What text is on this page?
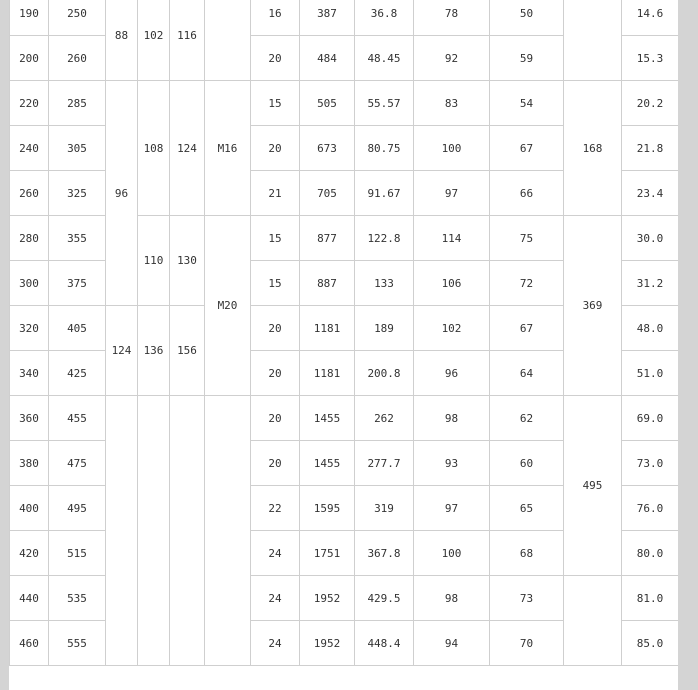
190	250	88	102	116		16	387	36.8	78	50		14.6
200	260					20	484	48.45	92	59		15.3
220	285	96	108	124	M16	15	505	55.57	83	54	168	20.2
240	305					20	673	80.75	100	67		21.8
260	325					21	705	91.67	97	66		23.4
280	355		110	130	M20	15	877	122.8	114	75	369	30.0
300	375					15	887	133	106	72		31.2
320	405	124	136	156		20	1181	189	102	67		48.0
340	425					20	1181	200.8	96	64		51.0
360	455					20	1455	262	98	62	495	69.0
380	475					20	1455	277.7	93	60		73.0
400	495					22	1595	319	97	65		76.0
420	515					24	1751	367.8	100	68		80.0
440	535					24	1952	429.5	98	73		81.0
460	555					24	1952	448.4	94	70		85.0
